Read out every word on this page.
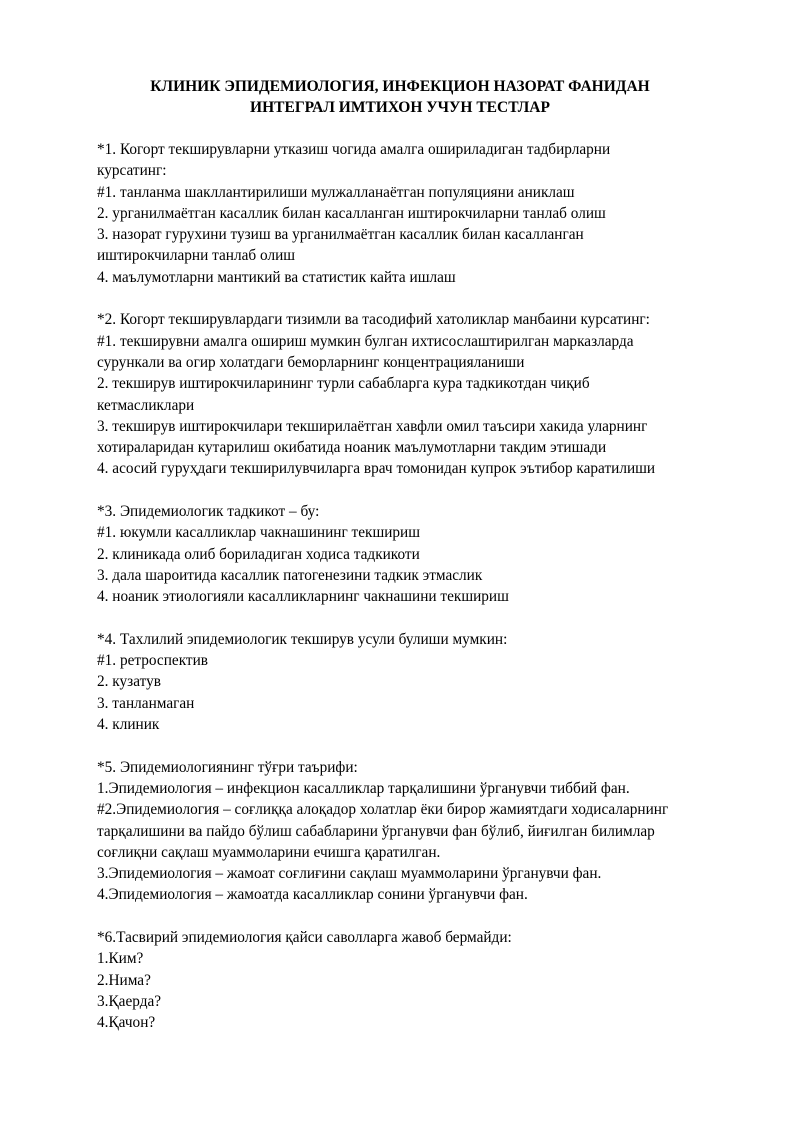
КЛИНИК ЭПИДЕМИОЛОГИЯ, ИНФЕКЦИОН НАЗОРАТ ФАНИДАН
ИНТЕГРАЛ ИМТИХОН УЧУН ТЕСТЛАР
*1. Когорт текширувларни утказиш чогида амалга ошириладиган тадбирларни
курсатинг:
#1. танланма шакллантирилиши мулжалланаётган популяцияни аниклаш
2. урганилмаётган касаллик билан касалланган иштирокчиларни танлаб олиш
3. назорат гурухини тузиш ва урганилмаётган касаллик билан касалланган
иштирокчиларни танлаб олиш
4. маълумотларни мантикий ва статистик кайта ишлаш
*2. Когорт текширувлардаги тизимли ва тасодифий хатоликлар манбаини курсатинг:
#1. текширувни амалга ошириш мумкин булган ихтисослаштирилган марказларда
сурункали ва огир холатдаги беморларнинг концентрацияланиши
2. текширув иштирокчиларининг турли сабабларга кура тадкикотдан чиқиб
кетмасликлари
3. текширув иштирокчилари текширилаётган хавфли омил таъсири хакида уларнинг
хотираларидан кутарилиш окибатида ноаник маълумотларни такдим этишади
4. асосий гуруҳдаги текширилувчиларга врач томонидан купрок эътибор каратилиши
*3. Эпидемиологик тадкикот – бу:
#1. юкумли касалликлар чакнашининг текшириш
2. клиникада олиб бориладиган ходиса тадкикоти
3. дала шароитида касаллик патогенезини тадкик этмаслик
4. ноаник этиологияли касалликларнинг чакнашини текшириш
*4. Тахлилий эпидемиологик текширув усули булиши мумкин:
#1. ретроспектив
2. кузатув
3. танланмаган
4. клиник
*5. Эпидемиологиянинг тўғри таърифи:
1.Эпидемиология – инфекцион касалликлар тарқалишини ўрганувчи тиббий фан.
#2.Эпидемиология – соғлиққа алоқадор холатлар ёки бирор жамиятдаги ходисаларнинг
тарқалишини ва пайдо бўлиш сабабларини ўрганувчи фан бўлиб, йиғилган билимлар
соғлиқни сақлаш муаммоларини ечишга қаратилган.
3.Эпидемиология – жамоат соғлиғини сақлаш муаммоларини ўрганувчи фан.
4.Эпидемиология – жамоатда касалликлар сонини ўрганувчи фан.
*6.Тасвирий эпидемиология қайси саволларга жавоб бермайди:
1.Ким?
2.Нима?
3.Қаерда?
4.Қачон?
